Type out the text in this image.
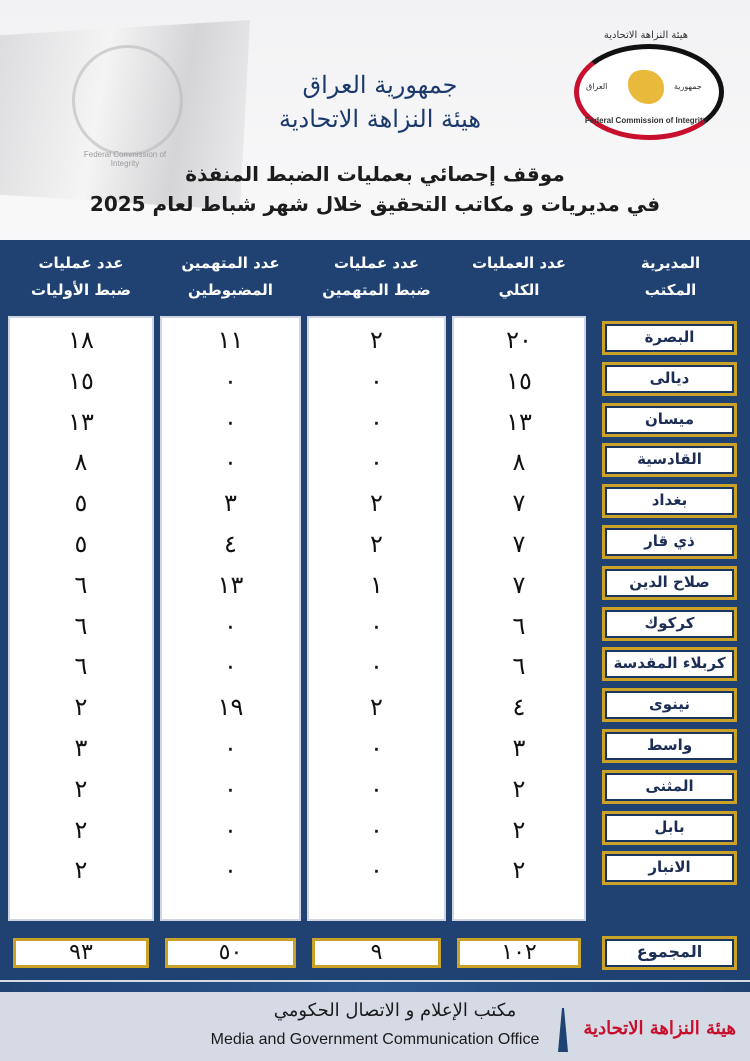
Federal Commission of Integrity
هيئة النزاهة الاتحادية
العراق	جمهورية
Federal Commission of Integrity
جمهورية العراق
هيئة النزاهة الاتحادية
موقف إحصائي بعمليات الضبط المنفذة
في مديريات و مكاتب التحقيق خلال شهر شباط لعام 2025
المديرية
المكتب
عدد العمليات
الكلي
عدد عمليات
ضبط المتهمين
عدد المتهمين
المضبوطين
عدد عمليات
ضبط الأوليات
٢٠
١٥
١٣
٨
٧
٧
٧
٦
٦
٤
٣
٢
٢
٢
٢
٠
٠
٠
٢
٢
١
٠
٠
٢
٠
٠
٠
٠
١١
٠
٠
٠
٣
٤
١٣
٠
٠
١٩
٠
٠
٠
٠
١٨
١٥
١٣
٨
٥
٥
٦
٦
٦
٢
٣
٢
٢
٢
البصرة
ديالى
ميسان
القادسية
بغداد
ذي قار
صلاح الدين
كركوك
كربلاء المقدسة
نينوى
واسط
المثنى
بابل
الانبار
المجموع
١٠٢
٩
٥٠
٩٣
مكتب الإعلام و الاتصال الحكومي
Media and Government Communication Office
هيئة النزاهة الاتحادية
